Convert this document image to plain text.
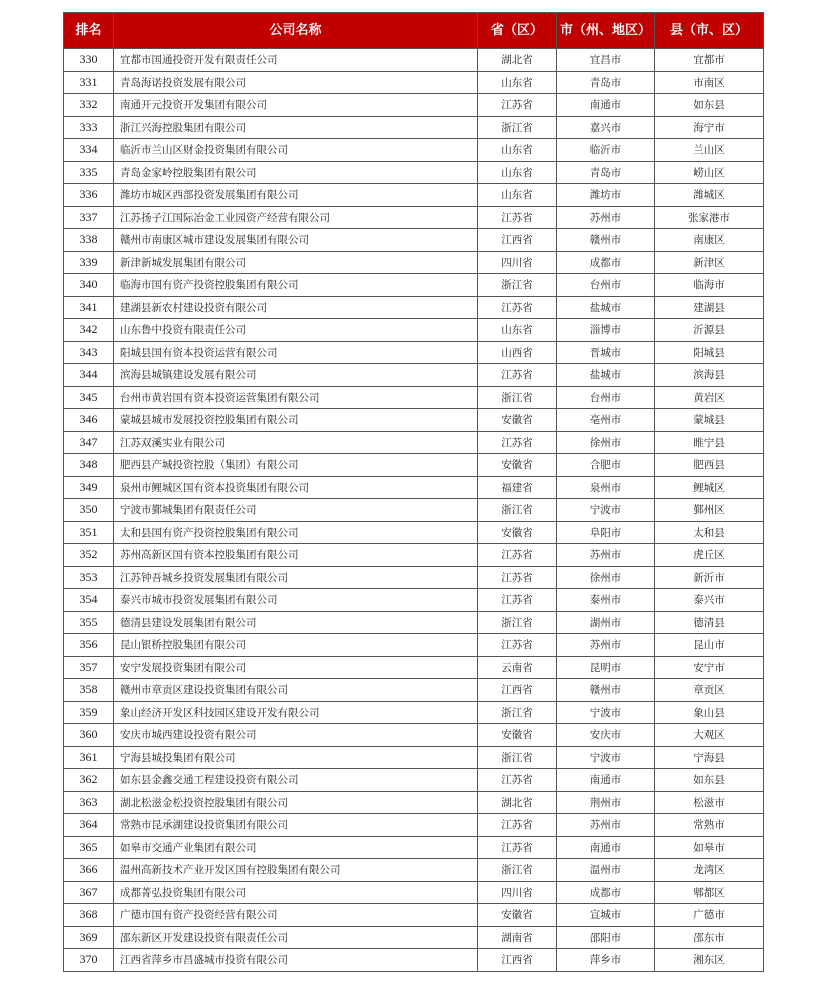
排名	公司名称	省（区）	市（州、地区）	县（市、区）
330	宜都市国通投资开发有限责任公司	湖北省	宜昌市	宜都市
331	青岛海诺投资发展有限公司	山东省	青岛市	市南区
332	南通开元投资开发集团有限公司	江苏省	南通市	如东县
333	浙江兴海控股集团有限公司	浙江省	嘉兴市	海宁市
334	临沂市兰山区财金投资集团有限公司	山东省	临沂市	兰山区
335	青岛金家岭控股集团有限公司	山东省	青岛市	崂山区
336	潍坊市城区西部投资发展集团有限公司	山东省	潍坊市	潍城区
337	江苏扬子江国际冶金工业园资产经营有限公司	江苏省	苏州市	张家港市
338	赣州市南康区城市建设发展集团有限公司	江西省	赣州市	南康区
339	新津新城发展集团有限公司	四川省	成都市	新津区
340	临海市国有资产投资控股集团有限公司	浙江省	台州市	临海市
341	建湖县新农村建设投资有限公司	江苏省	盐城市	建湖县
342	山东鲁中投资有限责任公司	山东省	淄博市	沂源县
343	阳城县国有资本投资运营有限公司	山西省	晋城市	阳城县
344	滨海县城镇建设发展有限公司	江苏省	盐城市	滨海县
345	台州市黄岩国有资本投资运营集团有限公司	浙江省	台州市	黄岩区
346	蒙城县城市发展投资控股集团有限公司	安徽省	亳州市	蒙城县
347	江苏双溪实业有限公司	江苏省	徐州市	睢宁县
348	肥西县产城投资控股（集团）有限公司	安徽省	合肥市	肥西县
349	泉州市鲤城区国有资本投资集团有限公司	福建省	泉州市	鲤城区
350	宁波市鄞城集团有限责任公司	浙江省	宁波市	鄞州区
351	太和县国有资产投资控股集团有限公司	安徽省	阜阳市	太和县
352	苏州高新区国有资本控股集团有限公司	江苏省	苏州市	虎丘区
353	江苏钟吾城乡投资发展集团有限公司	江苏省	徐州市	新沂市
354	泰兴市城市投资发展集团有限公司	江苏省	泰州市	泰兴市
355	德清县建设发展集团有限公司	浙江省	湖州市	德清县
356	昆山银桥控股集团有限公司	江苏省	苏州市	昆山市
357	安宁发展投资集团有限公司	云南省	昆明市	安宁市
358	赣州市章贡区建设投资集团有限公司	江西省	赣州市	章贡区
359	象山经济开发区科技园区建设开发有限公司	浙江省	宁波市	象山县
360	安庆市城西建设投资有限公司	安徽省	安庆市	大观区
361	宁海县城投集团有限公司	浙江省	宁波市	宁海县
362	如东县金鑫交通工程建设投资有限公司	江苏省	南通市	如东县
363	湖北松滋金松投资控股集团有限公司	湖北省	荆州市	松滋市
364	常熟市昆承湖建设投资集团有限公司	江苏省	苏州市	常熟市
365	如皋市交通产业集团有限公司	江苏省	南通市	如皋市
366	温州高新技术产业开发区国有控股集团有限公司	浙江省	温州市	龙湾区
367	成都菁弘投资集团有限公司	四川省	成都市	郫都区
368	广德市国有资产投资经营有限公司	安徽省	宣城市	广德市
369	邵东新区开发建设投资有限责任公司	湖南省	邵阳市	邵东市
370	江西省萍乡市昌盛城市投资有限公司	江西省	萍乡市	湘东区
